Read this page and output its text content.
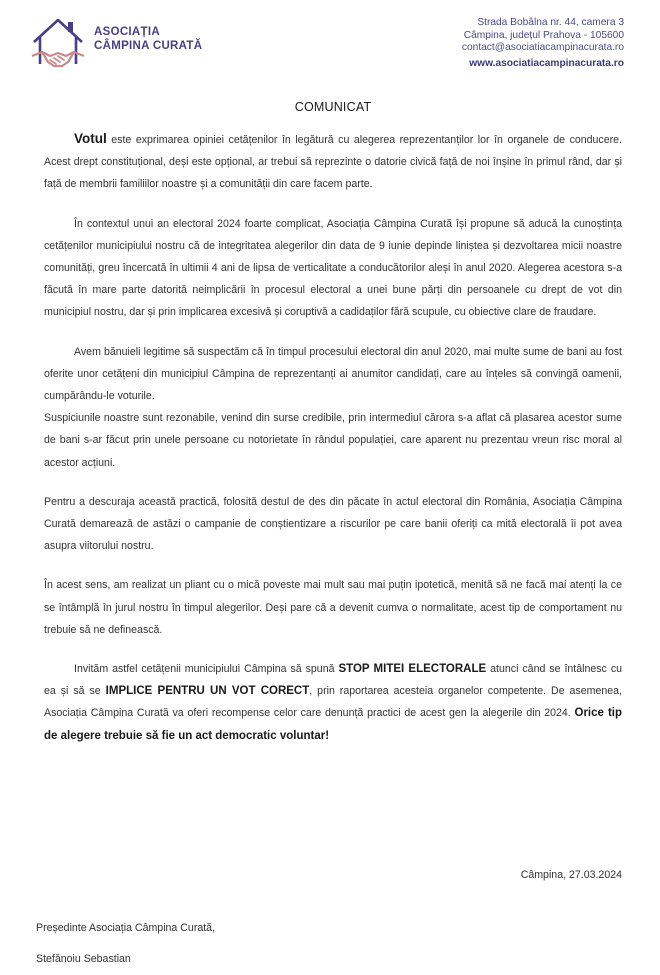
ASOCIAȚIA
CÂMPINA CURATĂ
Strada Bobâlna nr. 44, camera 3
Câmpina, județul Prahova - 105600
contact@asociatiacampinacurata.ro
www.asociatiacampinacurata.ro
COMUNICAT

Votul este exprimarea opiniei cetățenilor în legătură cu alegerea reprezentanților lor în organele de conducere. Acest drept constituțional, deși este opțional, ar trebui să reprezinte o datorie civică față de noi înșine în primul rând, dar și față de membrii familiilor noastre și a comunității din care facem parte.

În contextul unui an electoral 2024 foarte complicat, Asociația Câmpina Curată își propune să aducă la cunoștința cetățenilor municipiului nostru că de integritatea alegerilor din data de 9 iunie depinde liniștea și dezvoltarea micii noastre comunități, greu încercată în ultimii 4 ani de lipsa de verticalitate a conducătorilor aleși în anul 2020. Alegerea acestora s-a făcută în mare parte datorită neimplicării în procesul electoral a unei bune părți din persoanele cu drept de vot din municipiul nostru, dar și prin implicarea excesivă și coruptivă a cadidaților fără scupule, cu obiective clare de fraudare.

Avem bănuieli legitime să suspectăm că în timpul procesului electoral din anul 2020, mai multe sume de bani au fost oferite unor cetățeni din municipiul Câmpina de reprezentanți ai anumitor candidați, care au înțeles să convingă oamenii, cumpărându-le voturile.

Suspiciunile noastre sunt rezonabile, venind din surse credibile, prin intermediul cărora s-a aflat că plasarea acestor sume de bani s-ar făcut prin unele persoane cu notorietate în rândul populației, care aparent nu prezentau vreun risc moral al acestor acțiuni.

Pentru a descuraja această practică, folosită destul de des din păcate în actul electoral din România, Asociația Câmpina Curată demarează de astăzi o campanie de conștientizare a riscurilor pe care banii oferiți ca mită electorală îi pot avea asupra viitorului nostru.

În acest sens, am realizat un pliant cu o mică poveste mai mult sau mai puțin ipotetică, menită să ne facă mai atenți la ce se întâmplă în jurul nostru în timpul alegerilor. Deși pare că a devenit cumva o normalitate, acest tip de comportament nu trebuie să ne definească.

Invităm astfel cetățenii municipiului Câmpina să spună STOP MITEI ELECTORALE atunci când se întâlnesc cu ea și să se IMPLICE PENTRU UN VOT CORECT, prin raportarea acesteia organelor competente. De asemenea, Asociația Câmpina Curată va oferi recompense celor care denunță practici de acest gen la alegerile din 2024. Orice tip de alegere trebuie să fie un act democratic voluntar!

Câmpina, 27.03.2024
Președinte Asociația Câmpina Curată,
Stefănoiu Sebastian
